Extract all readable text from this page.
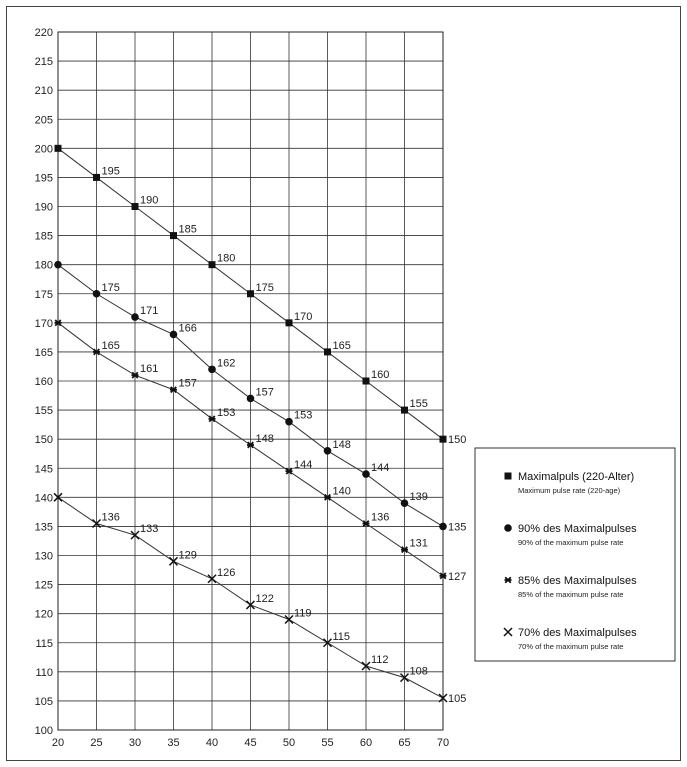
100
105
110
115
120
125
130
135
140
145
150
155
160
165
170
175
180
185
190
195
200
205
210
215
220
20 25 30 35 40 45 50 55 60 65 70
195
190
185
180
175
170
165
160
155
150
175
171
166
162
157
153
148
144
139
135
165
161
157
153
148
144
140
136
131
127
136
133
129
126
122
119
115
112
108
105
Maximalpuls (220-Alter)
Maximum pulse rate (220-age)
90% des Maximalpulses
90% of the maximum pulse rate
85% des Maximalpulses
85% of the maximum pulse rate
70% des Maximalpulses
70% of the maximum pulse rate
